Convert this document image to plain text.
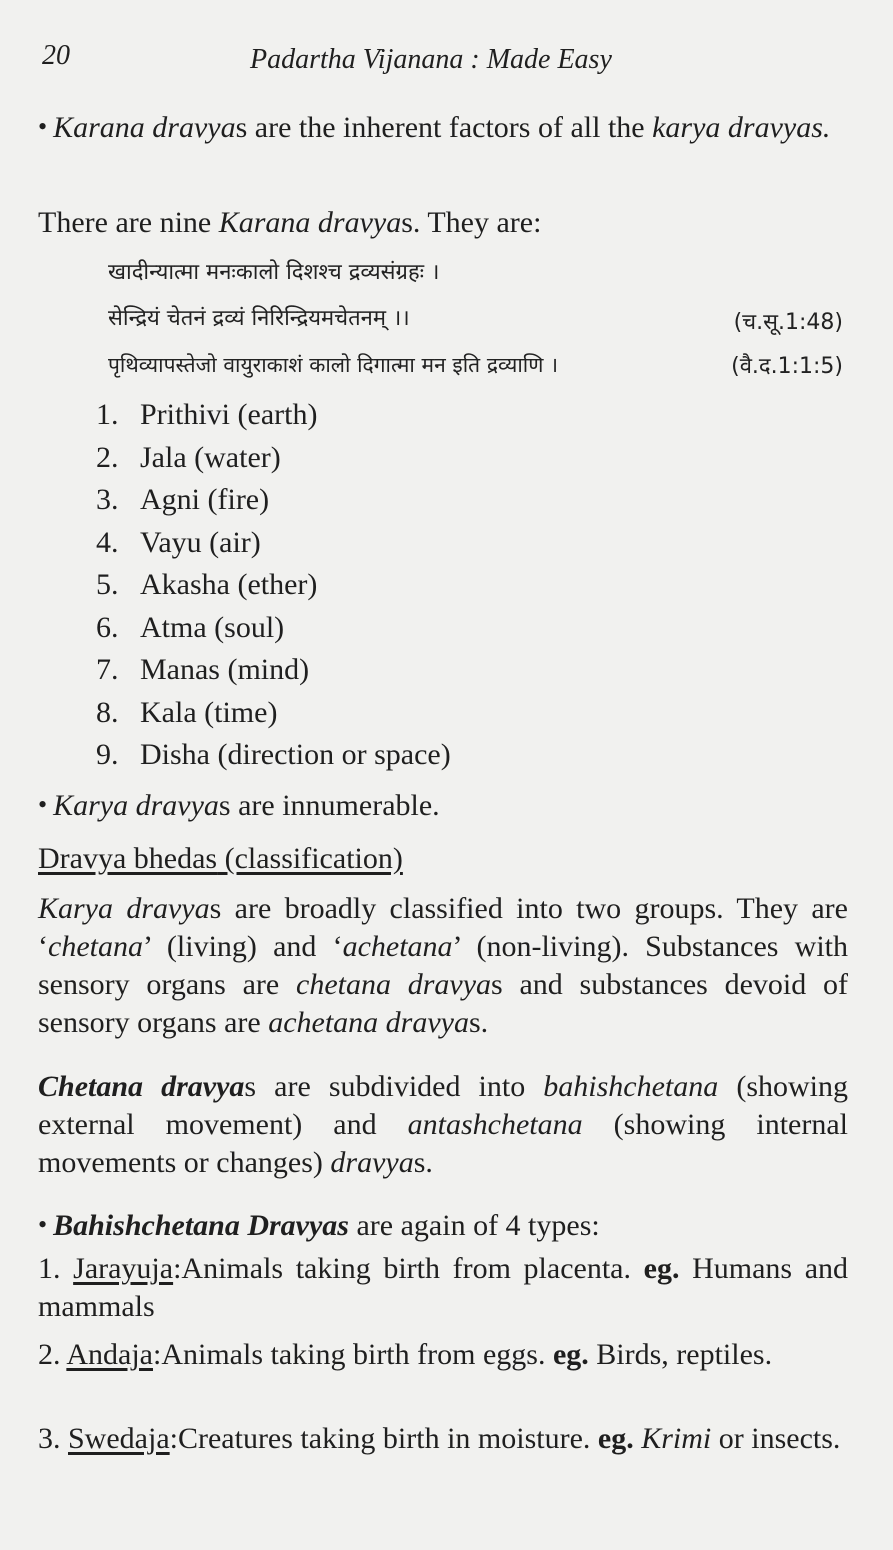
20	Padartha Vijanana : Made Easy
• Karana dravyas are the inherent factors of all the karya dravyas.
There are nine Karana dravyas. They are:
खादीन्यात्मा मनःकालो दिशश्च द्रव्यसंग्रहः ।
सेन्द्रियं चेतनं द्रव्यं निरिन्द्रियमचेतनम् ।।	(च.सू.1:48)
पृथिव्यापस्तेजो वायुराकाशं कालो दिगात्मा मन इति द्रव्याणि ।	(वै.द.1:1:5)
1. Prithivi (earth)
2. Jala (water)
3. Agni (fire)
4. Vayu (air)
5. Akasha (ether)
6. Atma (soul)
7. Manas (mind)
8. Kala (time)
9. Disha (direction or space)
• Karya dravyas are innumerable.
Dravya bhedas (classification)
Karya dravyas are broadly classified into two groups. They are ‘chetana’ (living) and ‘achetana’ (non-living). Substances with sensory organs are chetana dravyas and substances devoid of sensory organs are achetana dravyas.
Chetana dravyas are subdivided into bahishchetana (showing external movement) and antashchetana (showing internal movements or changes) dravyas.
• Bahishchetana Dravyas are again of 4 types:
1. Jarayuja:Animals taking birth from placenta. eg. Humans and mammals
2. Andaja:Animals taking birth from eggs. eg. Birds, reptiles.
3. Swedaja:Creatures taking birth in moisture. eg. Krimi or insects.
